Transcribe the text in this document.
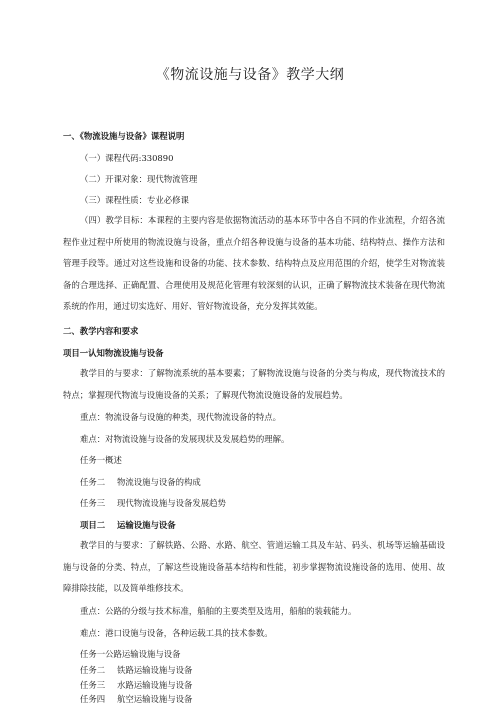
《物流设施与设备》教学大纲
一、《物流设施与设备》课程说明
（一）课程代码:330890
（二）开课对象：现代物流管理
（三）课程性质：专业必修课
（四）教学目标：本课程的主要内容是依据物流活动的基本环节中各自不同的作业流程，介绍各流程作业过程中所使用的物流设施与设备，重点介绍各种设施与设备的基本功能、结构特点、操作方法和管理手段等。通过对这些设施和设备的功能、技术参数、结构特点及应用范围的介绍，使学生对物流装备的合理选择、正确配置、合理使用及规范化管理有较深刻的认识，正确了解物流技术装备在现代物流系统的作用，通过切实选好、用好、管好物流设备，充分发挥其效能。
二、教学内容和要求
项目一认知物流设施与设备
教学目的与要求：了解物流系统的基本要素；了解物流设施与设备的分类与构成，现代物流技术的特点；掌握现代物流与设施设备的关系；了解现代物流设施设备的发展趋势。
重点：物流设备与设施的种类，现代物流设备的特点。
难点：对物流设施与设备的发展现状及发展趋势的理解。
任务一概述
任务二 物流设施与设备的构成
任务三 现代物流设施与设备发展趋势
项目二 运输设施与设备
教学目的与要求：了解铁路、公路、水路、航空、管道运输工具及车站、码头、机场等运输基础设施与设备的分类、特点，了解这些设施设备基本结构和性能，初步掌握物流设施设备的选用、使用、故障排除技能，以及简单维修技术。
重点：公路的分级与技术标准，船舶的主要类型及选用，船舶的装载能力。
难点：港口设施与设备，各种运载工具的技术参数。
任务一公路运输设施与设备
任务二 铁路运输设施与设备
任务三 水路运输设施与设备
任务四 航空运输设施与设备
